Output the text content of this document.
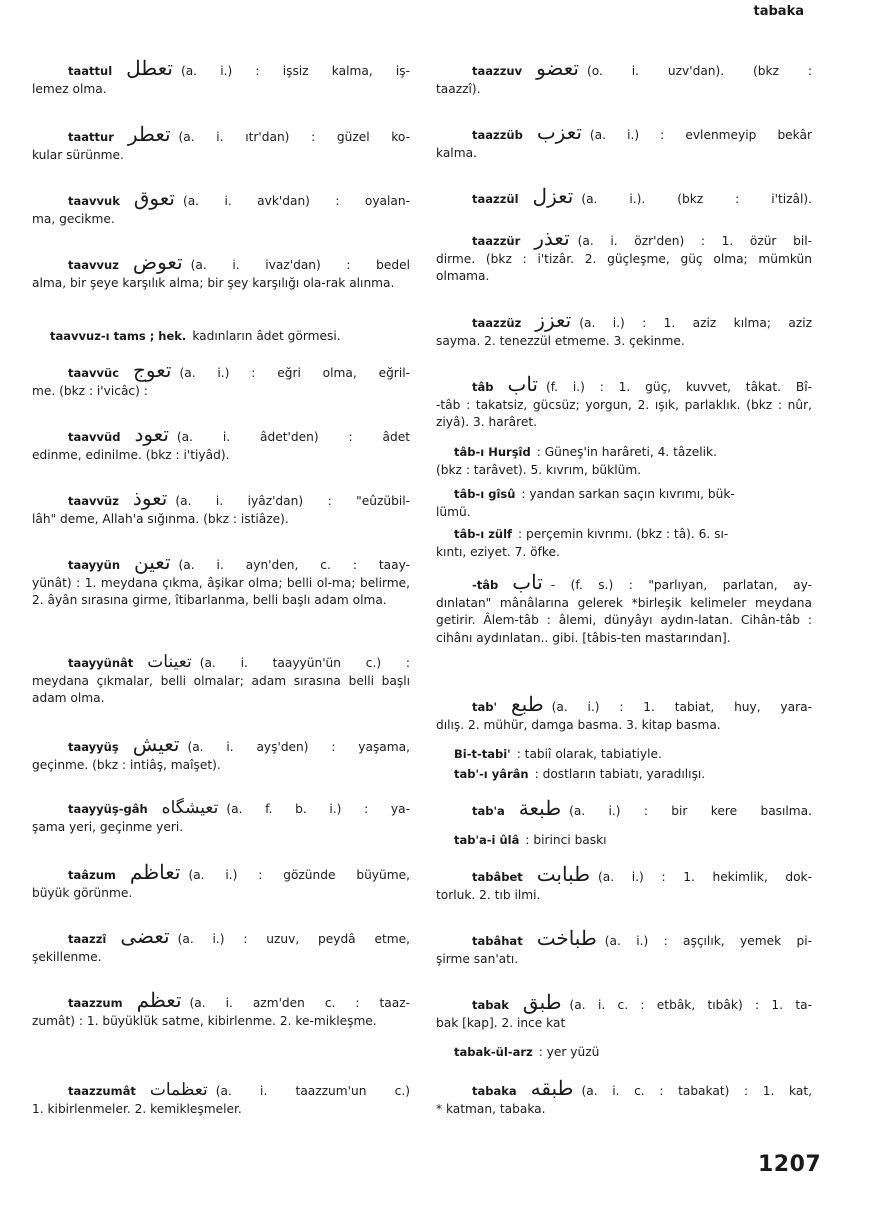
tabaka
taattul تعطل (a. i.) : işsiz kalma, iş-
lemez olma.
taattur تعطر (a. i. ıtr'dan) : güzel ko-
kular sürünme.
taavvuk تعوق (a. i. avk'dan) : oyalan-
ma, gecikme.
taavvuz تعوض (a. i. ivaz'dan) : bedel
alma, bir şeye karşılık alma; bir şey karşılığı ola-rak alınma.
taavvuz-ı tams ; hek. kadınların âdet görmesi.
taavvüc تعوج (a. i.) : eğri olma, eğril-
me. (bkz : i'vicâc) :
taavvüd تعود (a. i. âdet'den) : âdet
edinme, edinilme. (bkz : i'tiyâd).
taavvüz تعوذ (a. i. iyâz'dan) : "eûzübil-
lâh" deme, Allah'a sığınma. (bkz : istiâze).
taayyün تعين (a. i. ayn'den, c. : taay-
yünât) : 1. meydana çıkma, âşikar olma; belli ol-ma; belirme, 2. âyân sırasına girme, îtibarlanma, belli başlı adam olma.
taayyünât تعينات (a. i. taayyün'ün c.) :
meydana çıkmalar, belli olmalar; adam sırasına belli başlı adam olma.
taayyüş تعيش (a. i. ayş'den) : yaşama,
geçinme. (bkz : intiâş, maîşet).
taayyüş-gâh تعيشگاه (a. f. b. i.) : ya-
şama yeri, geçinme yeri.
taâzum تعاظم (a. i.) : gözünde büyüme,
büyük görünme.
taazzî تعضى (a. i.) : uzuv, peydâ etme,
şekillenme.
taazzum تعظم (a. i. azm'den c. : taaz-
zumât) : 1. büyüklük satme, kibirlenme. 2. ke-mikleşme.
taazzumât تعظمات (a. i. taazzum'un c.)
1. kibirlenmeler. 2. kemikleşmeler.
taazzuv تعضو (o. i. uzv'dan). (bkz :
taazzî).
taazzüb تعزب (a. i.) : evlenmeyip bekâr
kalma.
taazzül تعزل (a. i.). (bkz : i'tizâl).
taazzür تعذر (a. i. özr'den) : 1. özür bil-
dirme. (bkz : i'tizâr. 2. güçleşme, güç olma; mümkün olmama.
taazzüz تعزز (a. i.) : 1. aziz kılma; aziz
sayma. 2. tenezzül etmeme. 3. çekinme.
tâb تاب (f. i.) : 1. güç, kuvvet, tâkat. Bî-
-tâb : takatsiz, gücsüz; yorgun, 2. ışık, parlaklık. (bkz : nûr, ziyâ). 3. harâret.
tâb-ı Hurşîd : Güneş'in harâreti, 4. tâzelik.
(bkz : tarâvet). 5. kıvrım, büklüm.
tâb-ı gîsû : yandan sarkan saçın kıvrımı, bük-
lümü.
tâb-ı zülf : perçemin kıvrımı. (bkz : tâ). 6. sı-
kıntı, eziyet. 7. öfke.
-tâb تاب - (f. s.) : "parlıyan, parlatan, ay-
dınlatan" mânâlarına gelerek *birleşik kelimeler meydana getirir. Âlem-tâb : âlemi, dünyâyı aydın-latan. Cihân-tâb : cihânı aydınlatan.. gibi. [tâbis-ten mastarından].
tab' طبع (a. i.) : 1. tabiat, huy, yara-
dılış. 2. mühür, damga basma. 3. kitap basma.
Bi-t-tabi' : tabiî olarak, tabiatiyle.
tab'-ı yârân : dostların tabiatı, yaradılışı.
tab'a طبعة (a. i.) : bir kere basılma.
tab'a-i ûlâ : birinci baskı
tabâbet طبابت (a. i.) : 1. hekimlik, dok-
torluk. 2. tıb ilmi.
tabâhat طباخت (a. i.) : aşçılık, yemek pi-
şirme san'atı.
tabak طبق (a. i. c. : etbâk, tıbâk) : 1. ta-
bak [kap]. 2. ince kat
tabak-ül-arz : yer yüzü
tabaka طبقه (a. i. c. : tabakat) : 1. kat,
* katman, tabaka.
1207
